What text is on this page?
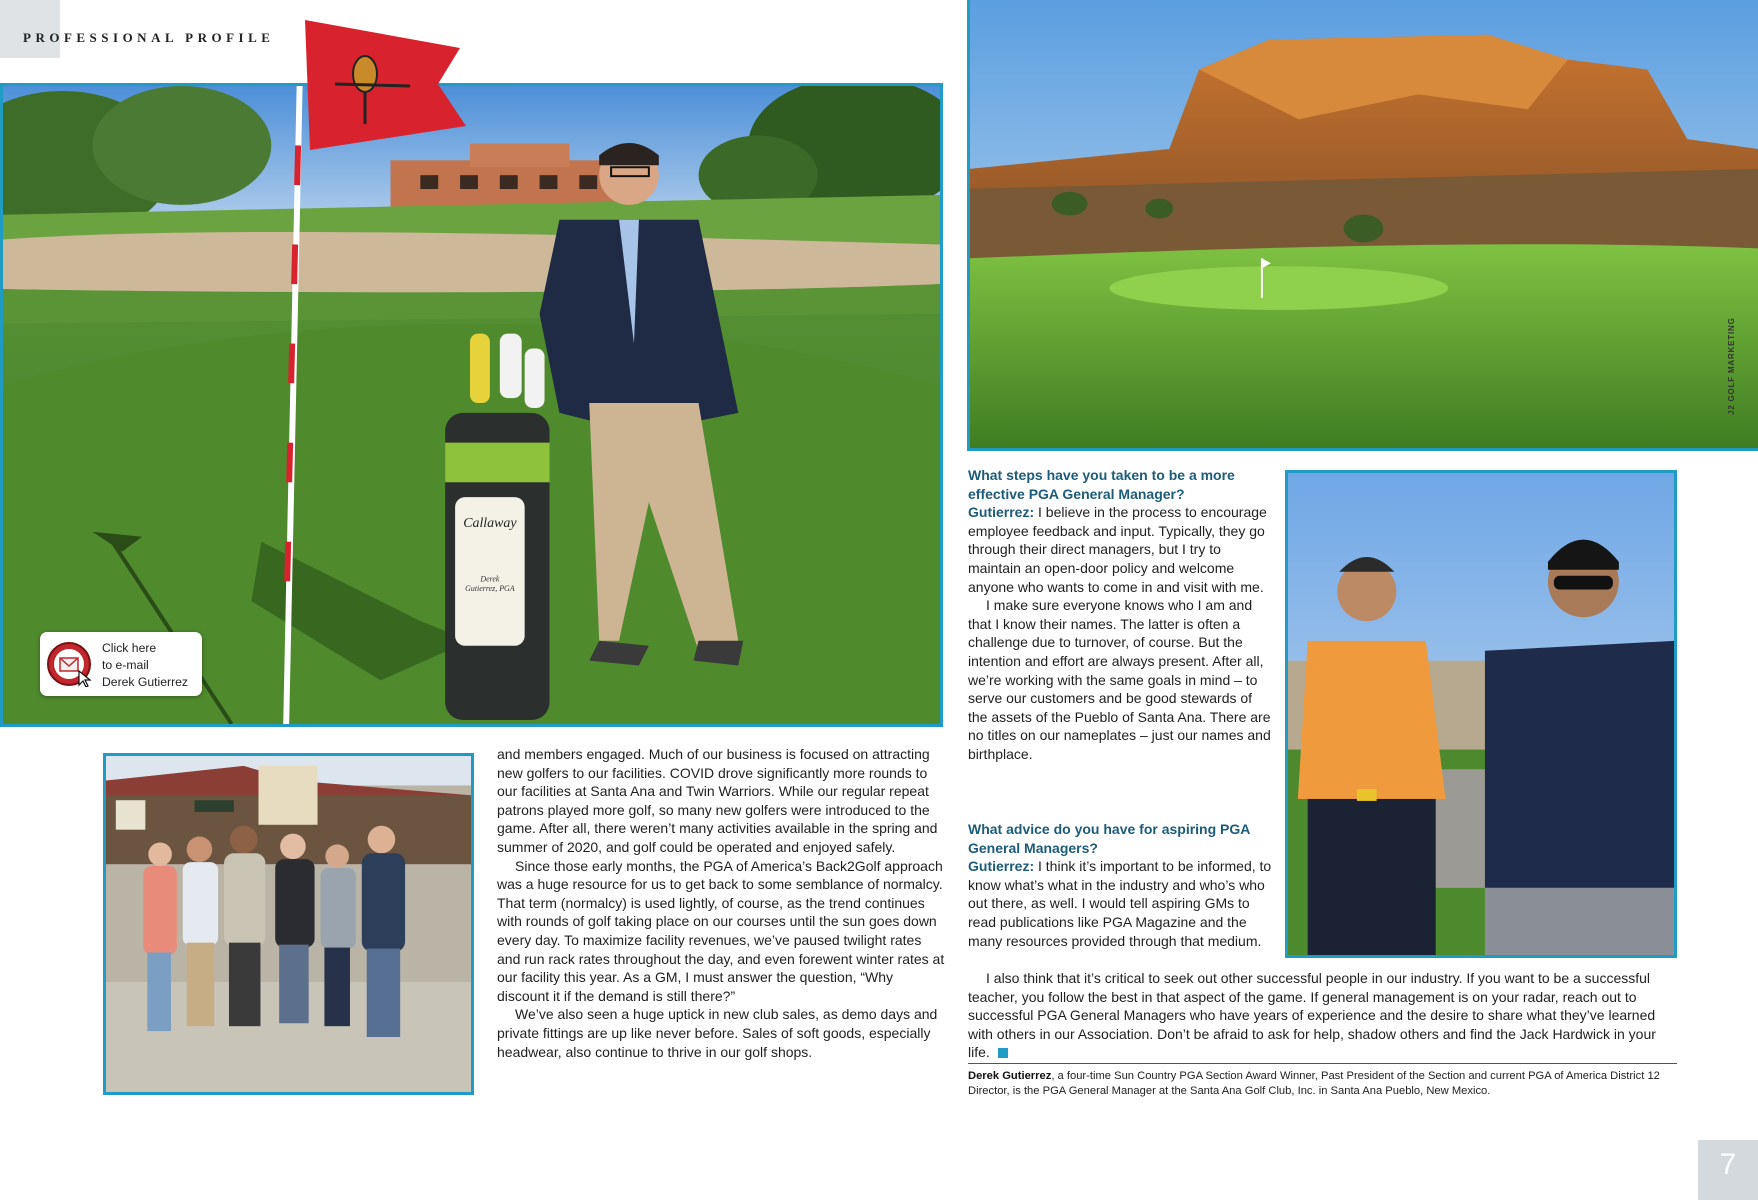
PROFESSIONAL PROFILE
Callaway
Derek
Gutierrez, PGA
Click here
to e-mail
Derek Gutierrez
J2 GOLF MARKETING

and members engaged. Much of our business is focused on attracting new golfers to our facilities. COVID drove significantly more rounds to our facilities at Santa Ana and Twin Warriors. While our regular repeat patrons played more golf, so many new golfers were introduced to the game. After all, there weren’t many activities available in the spring and summer of 2020, and golf could be operated and enjoyed safely.

Since those early months, the PGA of America’s Back2Golf approach was a huge resource for us to get back to some semblance of normalcy. That term (normalcy) is used lightly, of course, as the trend continues with rounds of golf taking place on our courses until the sun goes down every day. To maximize facility revenues, we’ve paused twilight rates and run rack rates throughout the day, and even forewent winter rates at our facility this year. As a GM, I must answer the question, “Why discount it if the demand is still there?”

We’ve also seen a huge uptick in new club sales, as demo days and private fittings are up like never before. Sales of soft goods, especially headwear, also continue to thrive in our golf shops.

What steps have you taken to be a more effective PGA General Manager?

Gutierrez: I believe in the process to encourage employee feedback and input. Typically, they go through their direct managers, but I try to maintain an open-door policy and welcome anyone who wants to come in and visit with me.

I make sure everyone knows who I am and that I know their names. The latter is often a challenge due to turnover, of course. But the intention and effort are always present. After all, we’re working with the same goals in mind – to serve our customers and be good stewards of the assets of the Pueblo of Santa Ana. There are no titles on our nameplates – just our names and birthplace.

What advice do you have for aspiring PGA General Managers?

Gutierrez: I think it’s important to be informed, to know what’s what in the industry and who’s who out there, as well. I would tell aspiring GMs to read publications like PGA Magazine and the many resources provided through that medium.

I also think that it’s critical to seek out other successful people in our industry. If you want to be a successful teacher, you follow the best in that aspect of the game. If general management is on your radar, reach out to successful PGA General Managers who have years of experience and the desire to share what they’ve learned with others in our Association. Don’t be afraid to ask for help, shadow others and find the Jack Hardwick in your life.

Derek Gutierrez, a four-time Sun Country PGA Section Award Winner, Past President of the Section and current PGA of America District 12 Director, is the PGA General Manager at the Santa Ana Golf Club, Inc. in Santa Ana Pueblo, New Mexico.
7
